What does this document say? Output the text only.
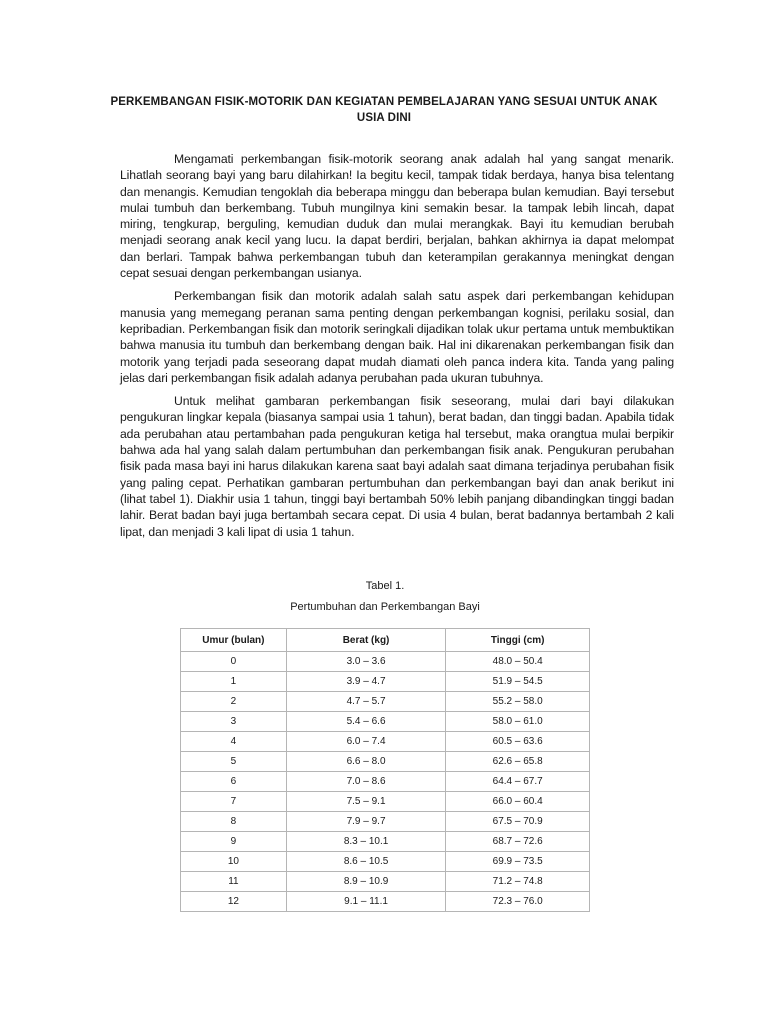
PERKEMBANGAN FISIK-MOTORIK DAN KEGIATAN PEMBELAJARAN YANG SESUAI UNTUK ANAK USIA DINI

Mengamati perkembangan fisik-motorik seorang anak adalah hal yang sangat menarik. Lihatlah seorang bayi yang baru dilahirkan! Ia begitu kecil, tampak tidak berdaya, hanya bisa telentang dan menangis. Kemudian tengoklah dia beberapa minggu dan beberapa bulan kemudian. Bayi tersebut mulai tumbuh dan berkembang. Tubuh mungilnya kini semakin besar. Ia tampak lebih lincah, dapat miring, tengkurap, berguling, kemudian duduk dan mulai merangkak. Bayi itu kemudian berubah menjadi seorang anak kecil yang lucu. Ia dapat berdiri, berjalan, bahkan akhirnya ia dapat melompat dan berlari. Tampak bahwa perkembangan tubuh dan keterampilan gerakannya meningkat dengan cepat sesuai dengan perkembangan usianya.

Perkembangan fisik dan motorik adalah salah satu aspek dari perkembangan kehidupan manusia yang memegang peranan sama penting dengan perkembangan kognisi, perilaku sosial, dan kepribadian. Perkembangan fisik dan motorik seringkali dijadikan tolak ukur pertama untuk membuktikan bahwa manusia itu tumbuh dan berkembang dengan baik. Hal ini dikarenakan perkembangan fisik dan motorik yang terjadi pada seseorang dapat mudah diamati oleh panca indera kita. Tanda yang paling jelas dari perkembangan fisik adalah adanya perubahan pada ukuran tubuhnya.

Untuk melihat gambaran perkembangan fisik seseorang, mulai dari bayi dilakukan pengukuran lingkar kepala (biasanya sampai usia 1 tahun), berat badan, dan tinggi badan. Apabila tidak ada perubahan atau pertambahan pada pengukuran ketiga hal tersebut, maka orangtua mulai berpikir bahwa ada hal yang salah dalam pertumbuhan dan perkembangan fisik anak. Pengukuran perubahan fisik pada masa bayi ini harus dilakukan karena saat bayi adalah saat dimana terjadinya perubahan fisik yang paling cepat. Perhatikan gambaran pertumbuhan dan perkembangan bayi dan anak berikut ini (lihat tabel 1). Diakhir usia 1 tahun, tinggi bayi bertambah 50% lebih panjang dibandingkan tinggi badan lahir. Berat badan bayi juga bertambah secara cepat. Di usia 4 bulan, berat badannya bertambah 2 kali lipat, dan menjadi 3 kali lipat di usia 1 tahun.

Tabel 1.
Pertumbuhan dan Perkembangan Bayi
Umur (bulan)	Berat (kg)	Tinggi (cm)
0	3.0 – 3.6	48.0 – 50.4
1	3.9 – 4.7	51.9 – 54.5
2	4.7 – 5.7	55.2 – 58.0
3	5.4 – 6.6	58.0 – 61.0
4	6.0 – 7.4	60.5 – 63.6
5	6.6 – 8.0	62.6 – 65.8
6	7.0 – 8.6	64.4 – 67.7
7	7.5 – 9.1	66.0 – 60.4
8	7.9 – 9.7	67.5 – 70.9
9	8.3 – 10.1	68.7 – 72.6
10	8.6 – 10.5	69.9 – 73.5
11	8.9 – 10.9	71.2 – 74.8
12	9.1 – 11.1	72.3 – 76.0
